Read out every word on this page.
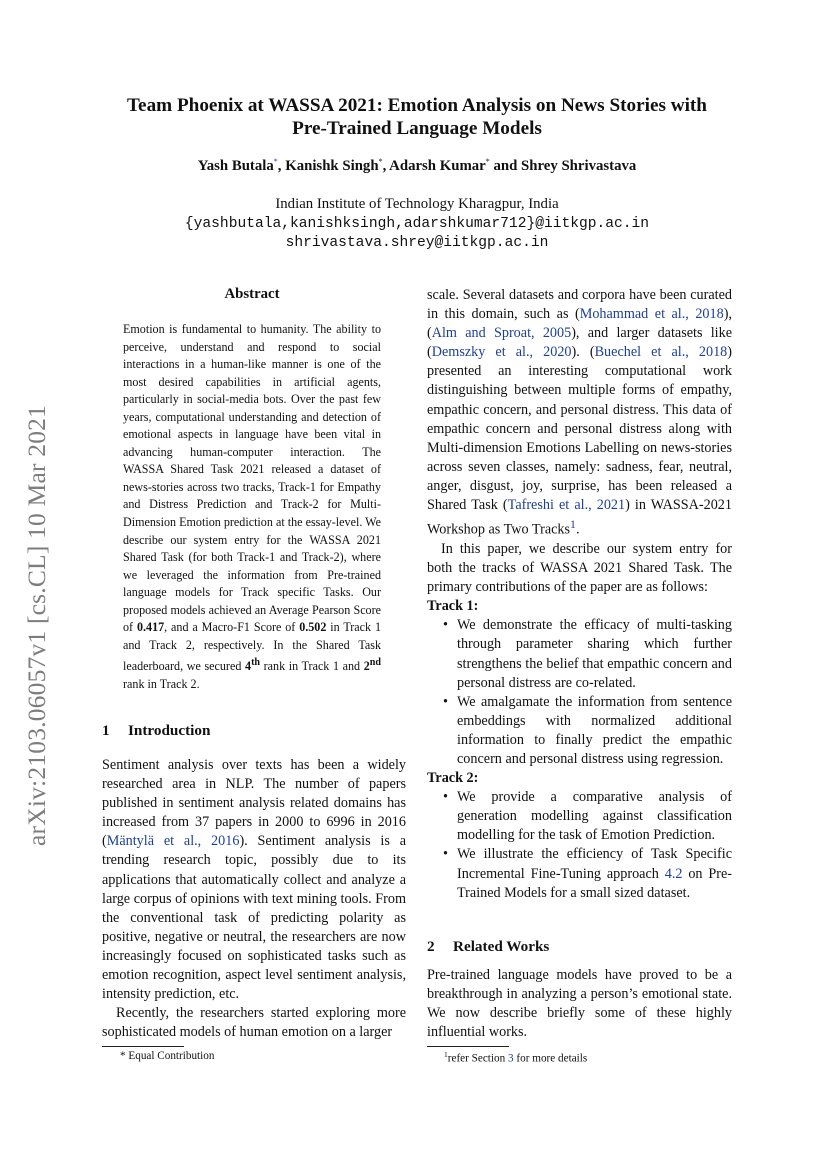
arXiv:2103.06057v1 [cs.CL] 10 Mar 2021
Team Phoenix at WASSA 2021: Emotion Analysis on News Stories with
Pre-Trained Language Models
Yash Butala*, Kanishk Singh*, Adarsh Kumar* and Shrey Shrivastava
Indian Institute of Technology Kharagpur, India
{yashbutala,kanishksingh,adarshkumar712}@iitkgp.ac.in
shrivastava.shrey@iitkgp.ac.in
Abstract
Emotion is fundamental to humanity. The ability to perceive, understand and respond to social interactions in a human-like manner is one of the most desired capabilities in artificial agents, particularly in social-media bots. Over the past few years, computational understanding and detection of emotional aspects in language have been vital in advancing human-computer interaction. The WASSA Shared Task 2021 released a dataset of news-stories across two tracks, Track-1 for Empathy and Distress Prediction and Track-2 for Multi-Dimension Emotion prediction at the essay-level. We describe our system entry for the WASSA 2021 Shared Task (for both Track-1 and Track-2), where we leveraged the information from Pre-trained language models for Track specific Tasks. Our proposed models achieved an Average Pearson Score of 0.417, and a Macro-F1 Score of 0.502 in Track 1 and Track 2, respectively. In the Shared Task leaderboard, we secured 4th rank in Track 1 and 2nd rank in Track 2.
1 Introduction

Sentiment analysis over texts has been a widely researched area in NLP. The number of papers published in sentiment analysis related domains has increased from 37 papers in 2000 to 6996 in 2016 (Mäntylä et al., 2016). Sentiment analysis is a trending research topic, possibly due to its applications that automatically collect and analyze a large corpus of opinions with text mining tools. From the conventional task of predicting polarity as positive, negative or neutral, the researchers are now increasingly focused on sophisticated tasks such as emotion recognition, aspect level sentiment analysis, intensity prediction, etc.

Recently, the researchers started exploring more sophisticated models of human emotion on a larger

scale. Several datasets and corpora have been curated in this domain, such as (Mohammad et al., 2018), (Alm and Sproat, 2005), and larger datasets like (Demszky et al., 2020). (Buechel et al., 2018) presented an interesting computational work distinguishing between multiple forms of empathy, empathic concern, and personal distress. This data of empathic concern and personal distress along with Multi-dimension Emotions Labelling on news-stories across seven classes, namely: sadness, fear, neutral, anger, disgust, joy, surprise, has been released a Shared Task (Tafreshi et al., 2021) in WASSA-2021 Workshop as Two Tracks$^1$.

In this paper, we describe our system entry for both the tracks of WASSA 2021 Shared Task. The primary contributions of the paper are as follows:

Track 1:

• We demonstrate the efficacy of multi-tasking through parameter sharing which further strengthens the belief that empathic concern and personal distress are co-related.
• We amalgamate the information from sentence embeddings with normalized additional information to finally predict the empathic concern and personal distress using regression.

Track 2:

• We provide a comparative analysis of generation modelling against classification modelling for the task of Emotion Prediction.
• We illustrate the efficiency of Task Specific Incremental Fine-Tuning approach 4.2 on Pre-Trained Models for a small sized dataset.
2 Related Works
Pre-trained language models have proved to be a breakthrough in analyzing a person’s emotional state. We now describe briefly some of these highly influential works.
* Equal Contribution	$^1$refer Section 3 for more details
